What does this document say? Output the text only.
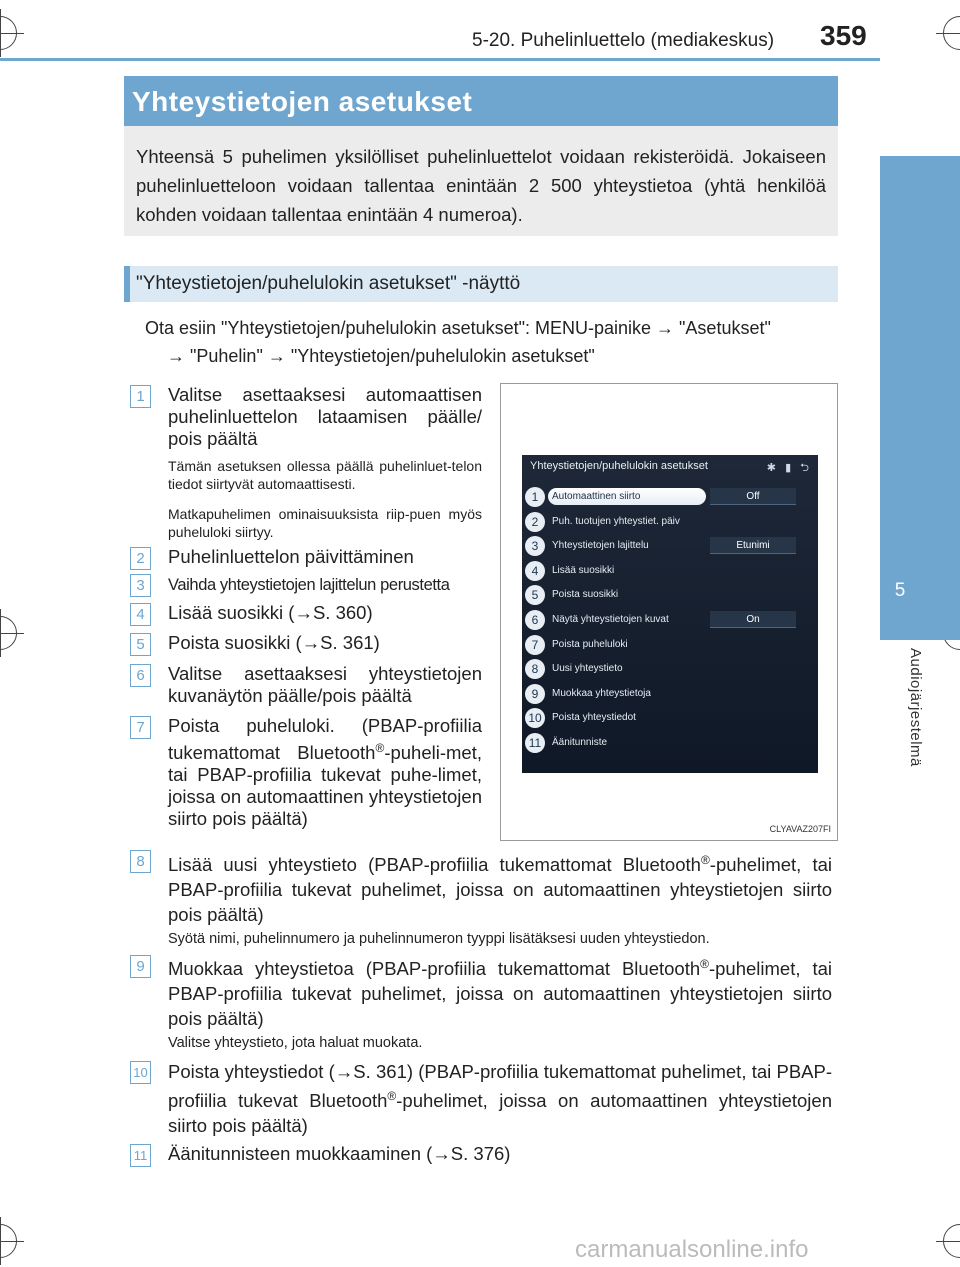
5-20. Puhelinluettelo (mediakeskus) 359
5
Audiojärjestelmä
Yhteystietojen asetukset
Yhteensä 5 puhelimen yksilölliset puhelinluettelot voidaan rekisteröidä. Jokaiseen puhelinluetteloon voidaan tallentaa enintään 2 500 yhteystietoa (yhtä henkilöä kohden voidaan tallentaa enintään 4 numeroa).
"Yhteystietojen/puhelulokin asetukset" -näyttö
Ota esiin "Yhteystietojen/puhelulokin asetukset": MENU-painike → "Asetukset"
→ "Puhelin" → "Yhteystietojen/puhelulokin asetukset"
1	Valitse asettaaksesi automaattisen puhelinluettelon lataamisen päälle/ pois päältä
Tämän asetuksen ollessa päällä puhelinluet-telon tiedot siirtyvät automaattisesti.
Matkapuhelimen ominaisuuksista riip-puen myös puheluloki siirtyy.
2	Puhelinluettelon päivittäminen
3	Vaihda yhteystietojen lajittelun perustetta
4	Lisää suosikki (→S. 360)
5	Poista suosikki (→S. 361)
6	Valitse asettaaksesi yhteystietojen kuvanäytön päälle/pois päältä
7	Poista puheluloki. (PBAP-profiilia tukemattomat Bluetooth®-puheli-met, tai PBAP-profiilia tukevat puhe-limet, joissa on automaattinen yhteystietojen siirto pois päältä)
Yhteystietojen/puhelulokin asetukset	✱ ▮ ⮌
1	Automaattinen siirto	Off
2	Puh. tuotujen yhteystiet. päiv
3	Yhteystietojen lajittelu	Etunimi
4	Lisää suosikki
5	Poista suosikki
6	Näytä yhteystietojen kuvat	On
7	Poista puheluloki
8	Uusi yhteystieto
9	Muokkaa yhteystietoja
10	Poista yhteystiedot
11	Äänitunniste
CLYAVAZ207FI
8	Lisää uusi yhteystieto (PBAP-profiilia tukemattomat Bluetooth®-puhelimet, tai PBAP-profiilia tukevat puhelimet, joissa on automaattinen yhteystietojen siirto pois päältä)
Syötä nimi, puhelinnumero ja puhelinnumeron tyyppi lisätäksesi uuden yhteystiedon.
9	Muokkaa yhteystietoa (PBAP-profiilia tukemattomat Bluetooth®-puhelimet, tai PBAP-profiilia tukevat puhelimet, joissa on automaattinen yhteystietojen siirto pois päältä)
Valitse yhteystieto, jota haluat muokata.
10 Poista yhteystiedot (→S. 361) (PBAP-profiilia tukemattomat puhelimet, tai PBAP-profiilia tukevat Bluetooth®-puhelimet, joissa on automaattinen yhteystietojen siirto pois päältä)
11 Äänitunnisteen muokkaaminen (→S. 376)
carmanualsonline.info
